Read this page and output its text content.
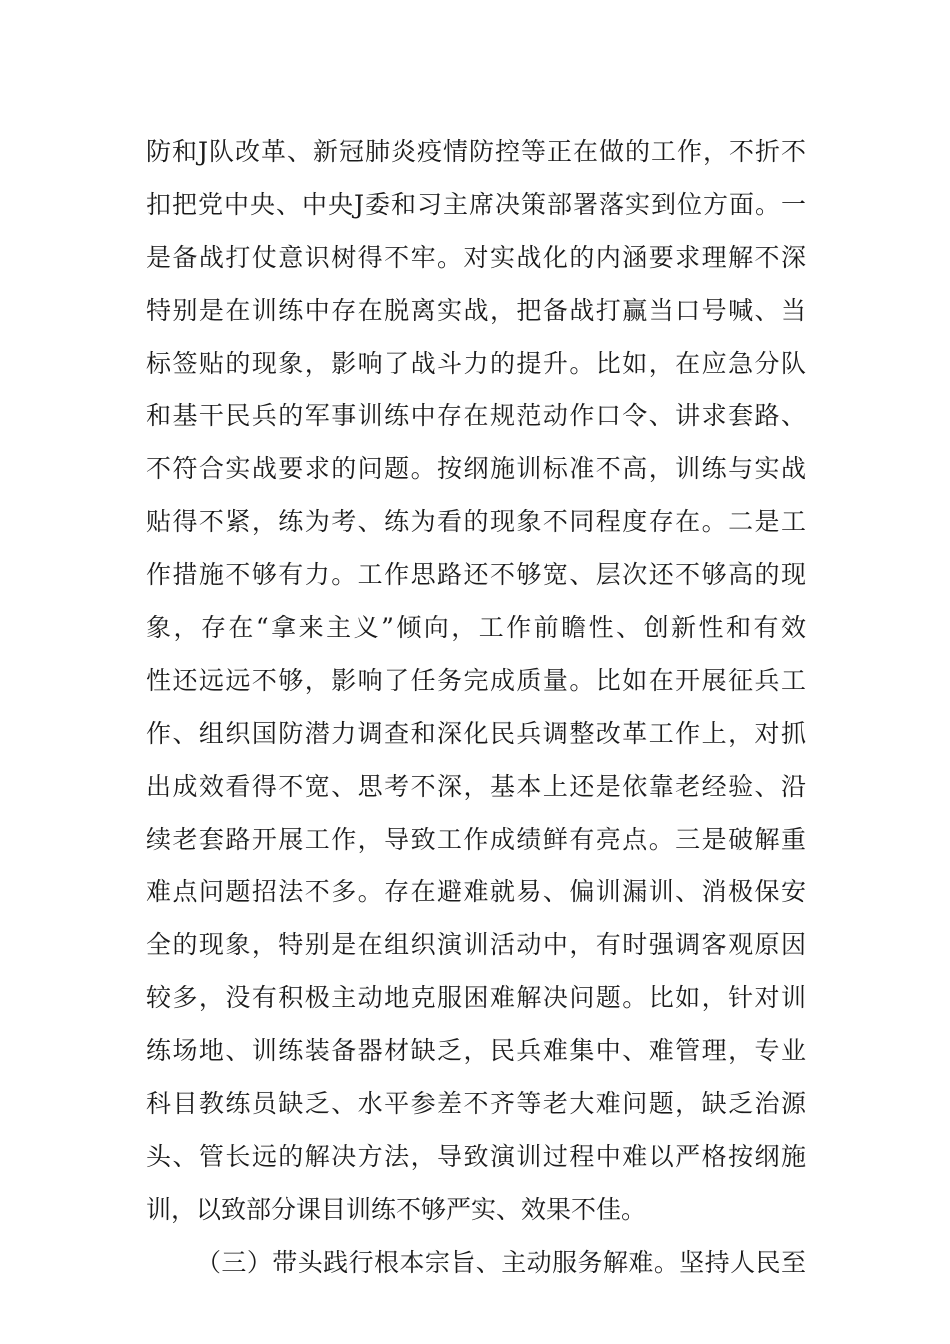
防和J队改革、新冠肺炎疫情防控等正在做的工作，不折不
扣把党中央、中央J委和习主席决策部署落实到位方面。一
是备战打仗意识树得不牢。对实战化的内涵要求理解不深
特别是在训练中存在脱离实战，把备战打赢当口号喊、当
标签贴的现象，影响了战斗力的提升。比如，在应急分队
和基干民兵的军事训练中存在规范动作口令、讲求套路、
不符合实战要求的问题。按纲施训标准不高，训练与实战
贴得不紧，练为考、练为看的现象不同程度存在。二是工
作措施不够有力。工作思路还不够宽、层次还不够高的现
象，存在“拿来主义”倾向，工作前瞻性、创新性和有效
性还远远不够，影响了任务完成质量。比如在开展征兵工
作、组织国防潜力调查和深化民兵调整改革工作上，对抓
出成效看得不宽、思考不深，基本上还是依靠老经验、沿
续老套路开展工作，导致工作成绩鲜有亮点。三是破解重
难点问题招法不多。存在避难就易、偏训漏训、消极保安
全的现象，特别是在组织演训活动中，有时强调客观原因
较多，没有积极主动地克服困难解决问题。比如，针对训
练场地、训练装备器材缺乏，民兵难集中、难管理，专业
科目教练员缺乏、水平参差不齐等老大难问题，缺乏治源
头、管长远的解决方法，导致演训过程中难以严格按纲施
训，以致部分课目训练不够严实、效果不佳。
（三）带头践行根本宗旨、主动服务解难。坚持人民至
